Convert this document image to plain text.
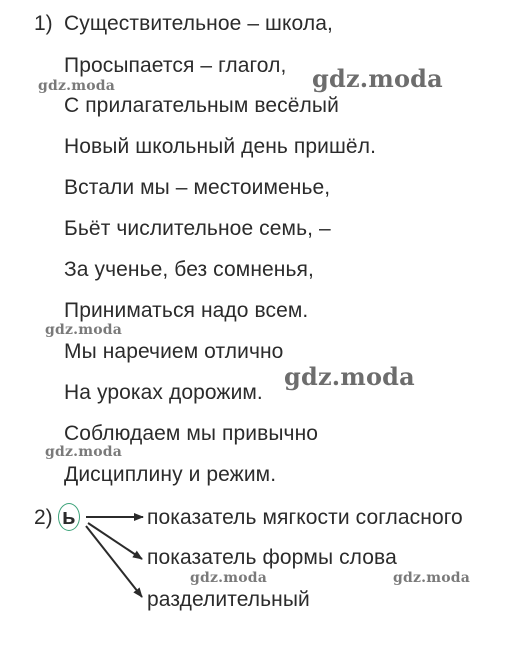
1) Существительное – школа,
Просыпается – глагол,
С прилагательным весёлый
Новый школьный день пришёл.
Встали мы – местоименье,
Бьёт числительное семь, –
За ученье, без сомненья,
Приниматься надо всем.
Мы наречием отлично
На уроках дорожим.
Соблюдаем мы привычно
Дисциплину и режим.
2) ь	показатель мягкости согласного
показатель формы слова
разделительный
gdz.moda	gdz.moda
gdz.moda
gdz.moda
gdz.moda
gdz.moda	gdz.moda
